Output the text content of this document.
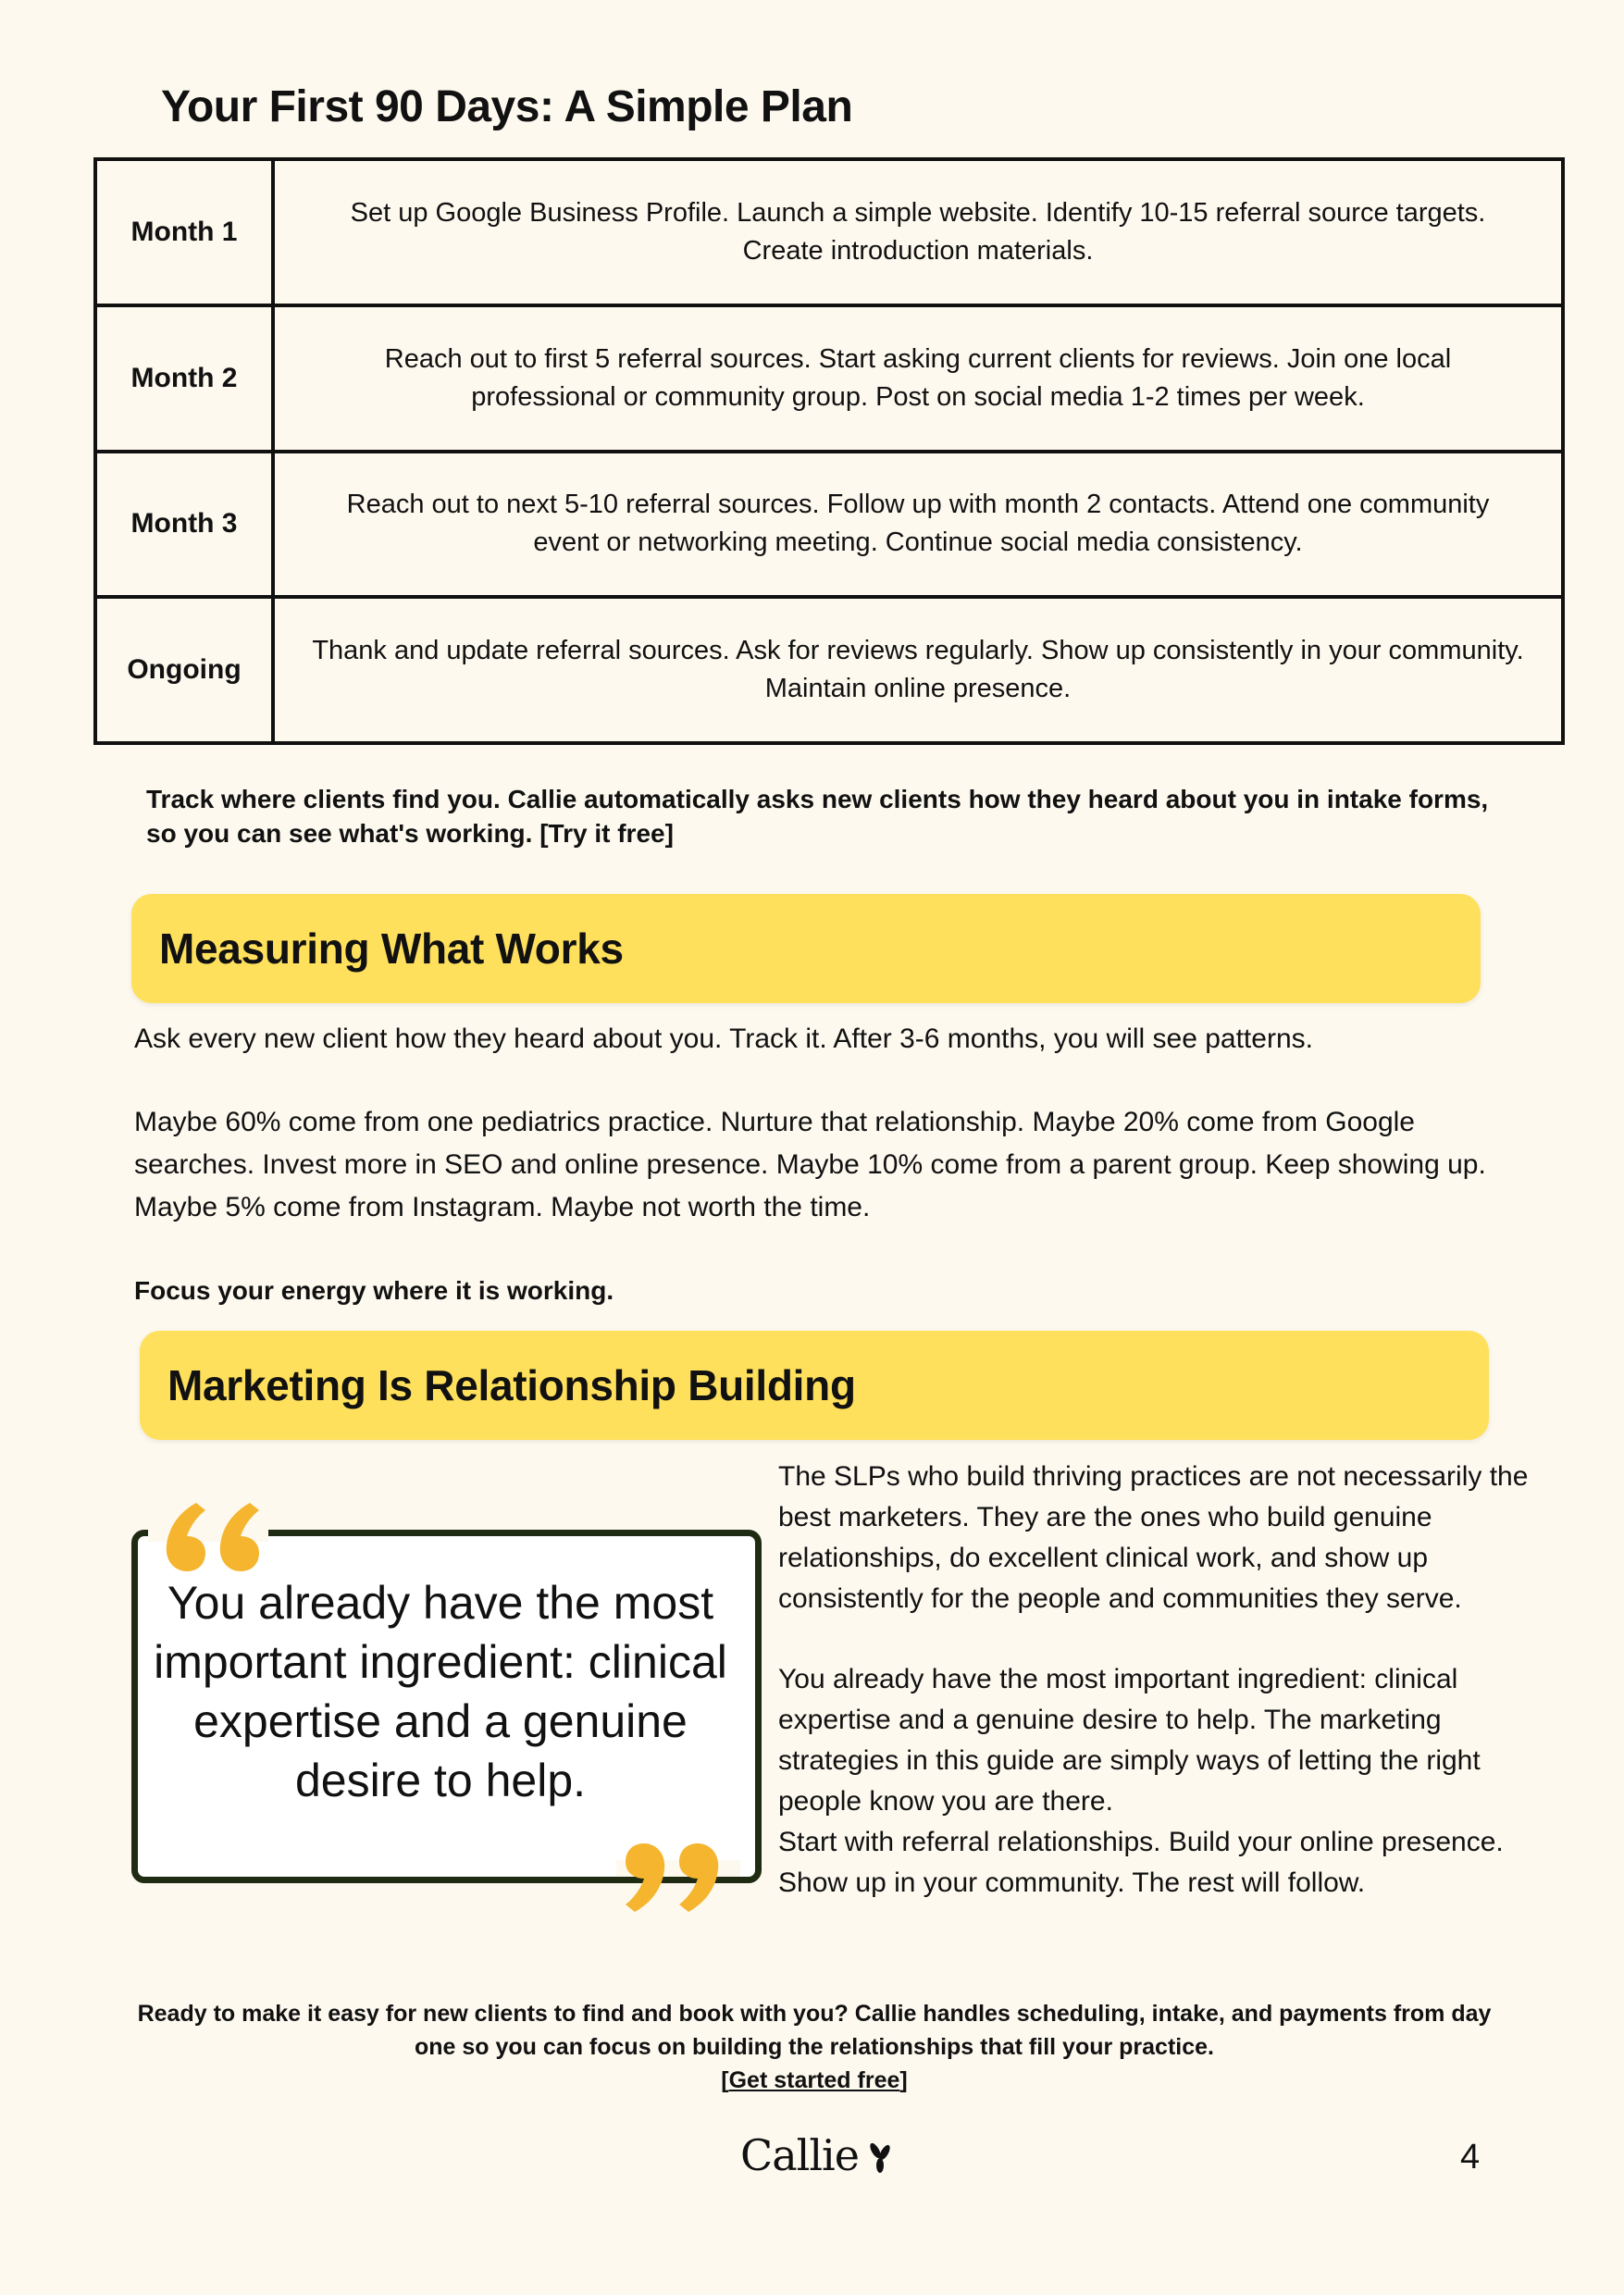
Your First 90 Days: A Simple Plan
Month 1	Set up Google Business Profile. Launch a simple website. Identify 10-15 referral source targets. Create introduction materials.
Month 2	Reach out to first 5 referral sources. Start asking current clients for reviews. Join one local professional or community group. Post on social media 1-2 times per week.
Month 3	Reach out to next 5-10 referral sources. Follow up with month 2 contacts. Attend one community event or networking meeting. Continue social media consistency.
Ongoing	Thank and update referral sources. Ask for reviews regularly. Show up consistently in your community. Maintain online presence.
Track where clients find you. Callie automatically asks new clients how they heard about you in intake forms, so you can see what's working. [Try it free]
Measuring What Works
Ask every new client how they heard about you. Track it. After 3-6 months, you will see patterns.
Maybe 60% come from one pediatrics practice. Nurture that relationship. Maybe 20% come from Google searches. Invest more in SEO and online presence. Maybe 10% come from a parent group. Keep showing up. Maybe 5% come from Instagram. Maybe not worth the time.
Focus your energy where it is working.
Marketing Is Relationship Building
You already have the most important ingredient: clinical expertise and a genuine desire to help.
The SLPs who build thriving practices are not necessarily the best marketers. They are the ones who build genuine relationships, do excellent clinical work, and show up consistently for the people and communities they serve.
You already have the most important ingredient: clinical expertise and a genuine desire to help. The marketing strategies in this guide are simply ways of letting the right people know you are there.
Start with referral relationships. Build your online presence. Show up in your community. The rest will follow.
Ready to make it easy for new clients to find and book with you? Callie handles scheduling, intake, and payments from day one so you can focus on building the relationships that fill your practice.
[Get started free]
Callie	4
